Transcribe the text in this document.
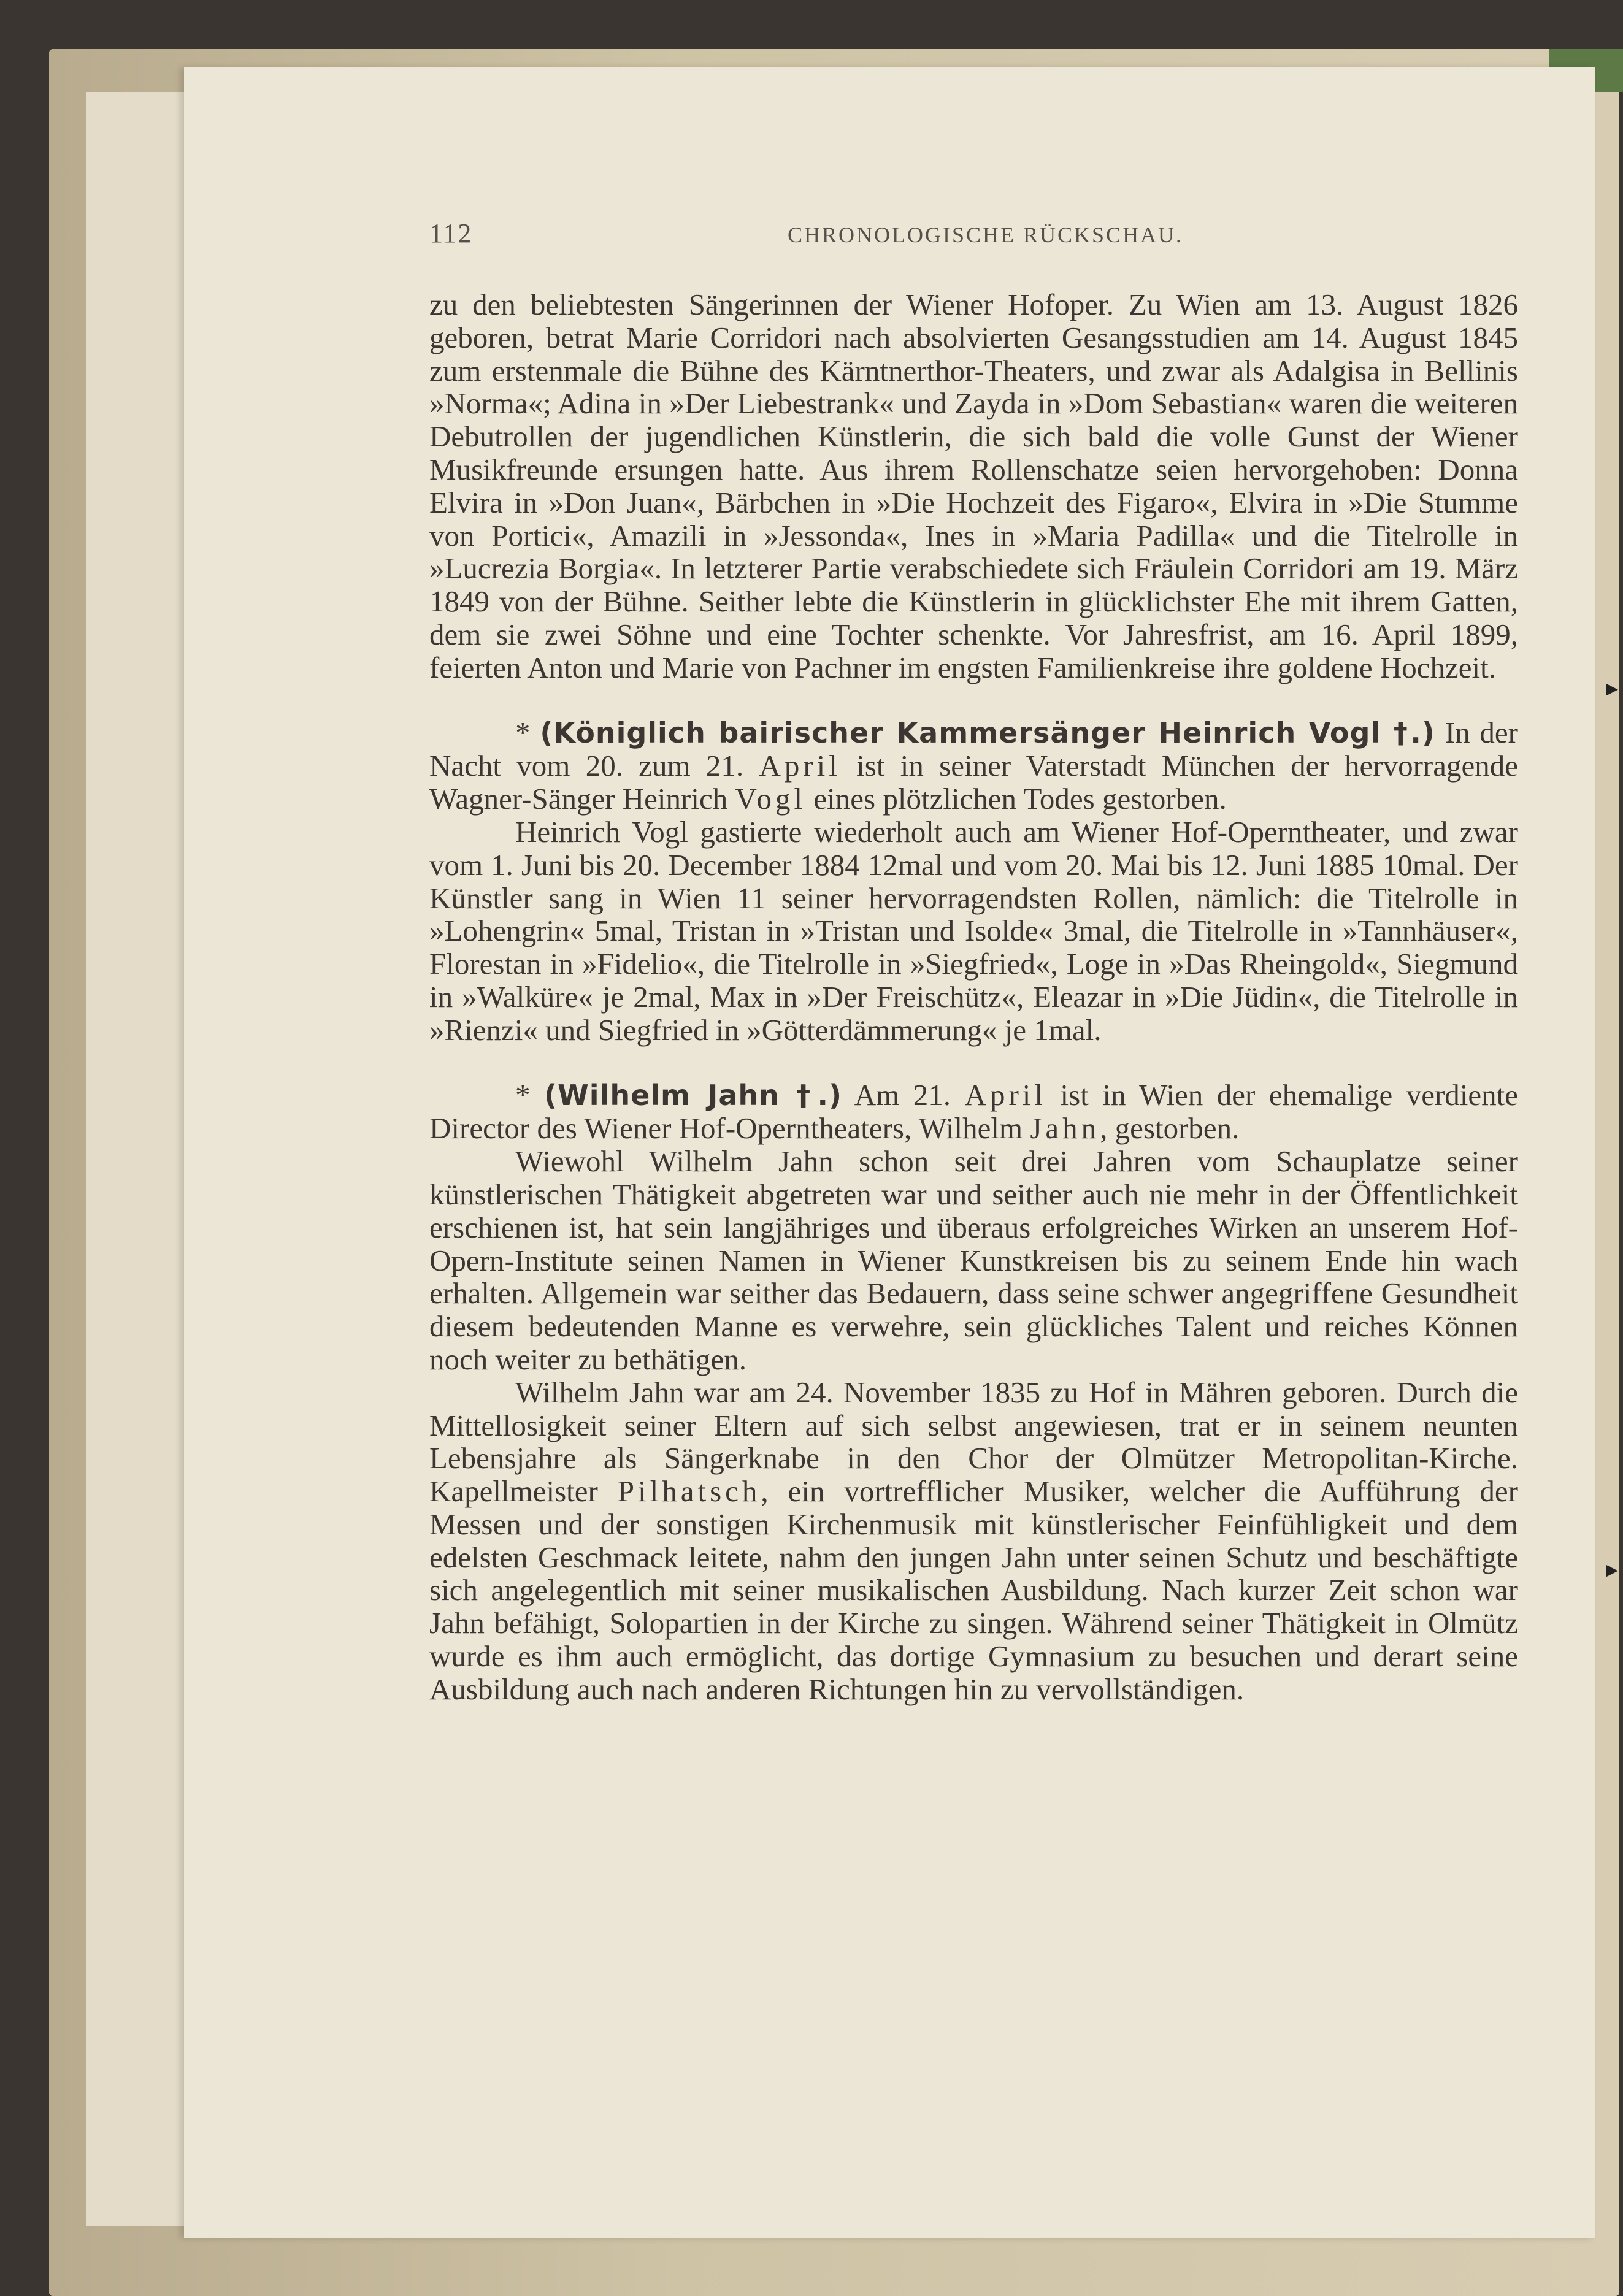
112	CHRONOLOGISCHE RÜCKSCHAU.

zu den beliebtesten Sängerinnen der Wiener Hofoper. Zu Wien am 13. August 1826 geboren, betrat Marie Corridori nach absolvierten Gesangsstudien am 14. August 1845 zum erstenmale die Bühne des Kärntnerthor-Theaters, und zwar als Adalgisa in Bellinis »Norma«; Adina in »Der Liebestrank« und Zayda in »Dom Sebastian« waren die weiteren Debutrollen der jugendlichen Künstlerin, die sich bald die volle Gunst der Wiener Musikfreunde ersungen hatte. Aus ihrem Rollenschatze seien hervorgehoben: Donna Elvira in »Don Juan«, Bärbchen in »Die Hochzeit des Figaro«, Elvira in »Die Stumme von Portici«, Amazili in »Jessonda«, Ines in »Maria Padilla« und die Titelrolle in »Lucrezia Borgia«. In letzterer Partie verabschiedete sich Fräulein Corridori am 19. März 1849 von der Bühne. Seither lebte die Künstlerin in glücklichster Ehe mit ihrem Gatten, dem sie zwei Söhne und eine Tochter schenkte. Vor Jahresfrist, am 16. April 1899, feierten Anton und Marie von Pachner im engsten Familienkreise ihre goldene Hochzeit.

* (Königlich bairischer Kammersänger Heinrich Vogl †.) In der Nacht vom 20. zum 21. April ist in seiner Vaterstadt München der hervorragende Wagner-Sänger Heinrich Vogl eines plötzlichen Todes gestorben.

Heinrich Vogl gastierte wiederholt auch am Wiener Hof-Operntheater, und zwar vom 1. Juni bis 20. December 1884 12mal und vom 20. Mai bis 12. Juni 1885 10mal. Der Künstler sang in Wien 11 seiner hervorragendsten Rollen, nämlich: die Titelrolle in »Lohengrin« 5mal, Tristan in »Tristan und Isolde« 3mal, die Titelrolle in »Tannhäuser«, Florestan in »Fidelio«, die Titelrolle in »Siegfried«, Loge in »Das Rheingold«, Siegmund in »Walküre« je 2mal, Max in »Der Freischütz«, Eleazar in »Die Jüdin«, die Titelrolle in »Rienzi« und Siegfried in »Götterdämmerung« je 1mal.

* (Wilhelm Jahn †.) Am 21. April ist in Wien der ehemalige verdiente Director des Wiener Hof-Operntheaters, Wilhelm Jahn, gestorben.

Wiewohl Wilhelm Jahn schon seit drei Jahren vom Schauplatze seiner künstlerischen Thätigkeit abgetreten war und seither auch nie mehr in der Öffentlichkeit erschienen ist, hat sein langjähriges und überaus erfolgreiches Wirken an unserem Hof-Opern-Institute seinen Namen in Wiener Kunstkreisen bis zu seinem Ende hin wach erhalten. Allgemein war seither das Bedauern, dass seine schwer angegriffene Gesundheit diesem bedeutenden Manne es verwehre, sein glückliches Talent und reiches Können noch weiter zu bethätigen.

Wilhelm Jahn war am 24. November 1835 zu Hof in Mähren geboren. Durch die Mittellosigkeit seiner Eltern auf sich selbst angewiesen, trat er in seinem neunten Lebensjahre als Sängerknabe in den Chor der Olmützer Metropolitan-Kirche. Kapellmeister Pilhatsch, ein vortrefflicher Musiker, welcher die Aufführung der Messen und der sonstigen Kirchenmusik mit künstlerischer Feinfühligkeit und dem edelsten Geschmack leitete, nahm den jungen Jahn unter seinen Schutz und beschäftigte sich angelegentlich mit seiner musikalischen Ausbildung. Nach kurzer Zeit schon war Jahn befähigt, Solopartien in der Kirche zu singen. Während seiner Thätigkeit in Olmütz wurde es ihm auch ermöglicht, das dortige Gymnasium zu besuchen und derart seine Ausbildung auch nach anderen Richtungen hin zu vervollständigen.

▸
▸
